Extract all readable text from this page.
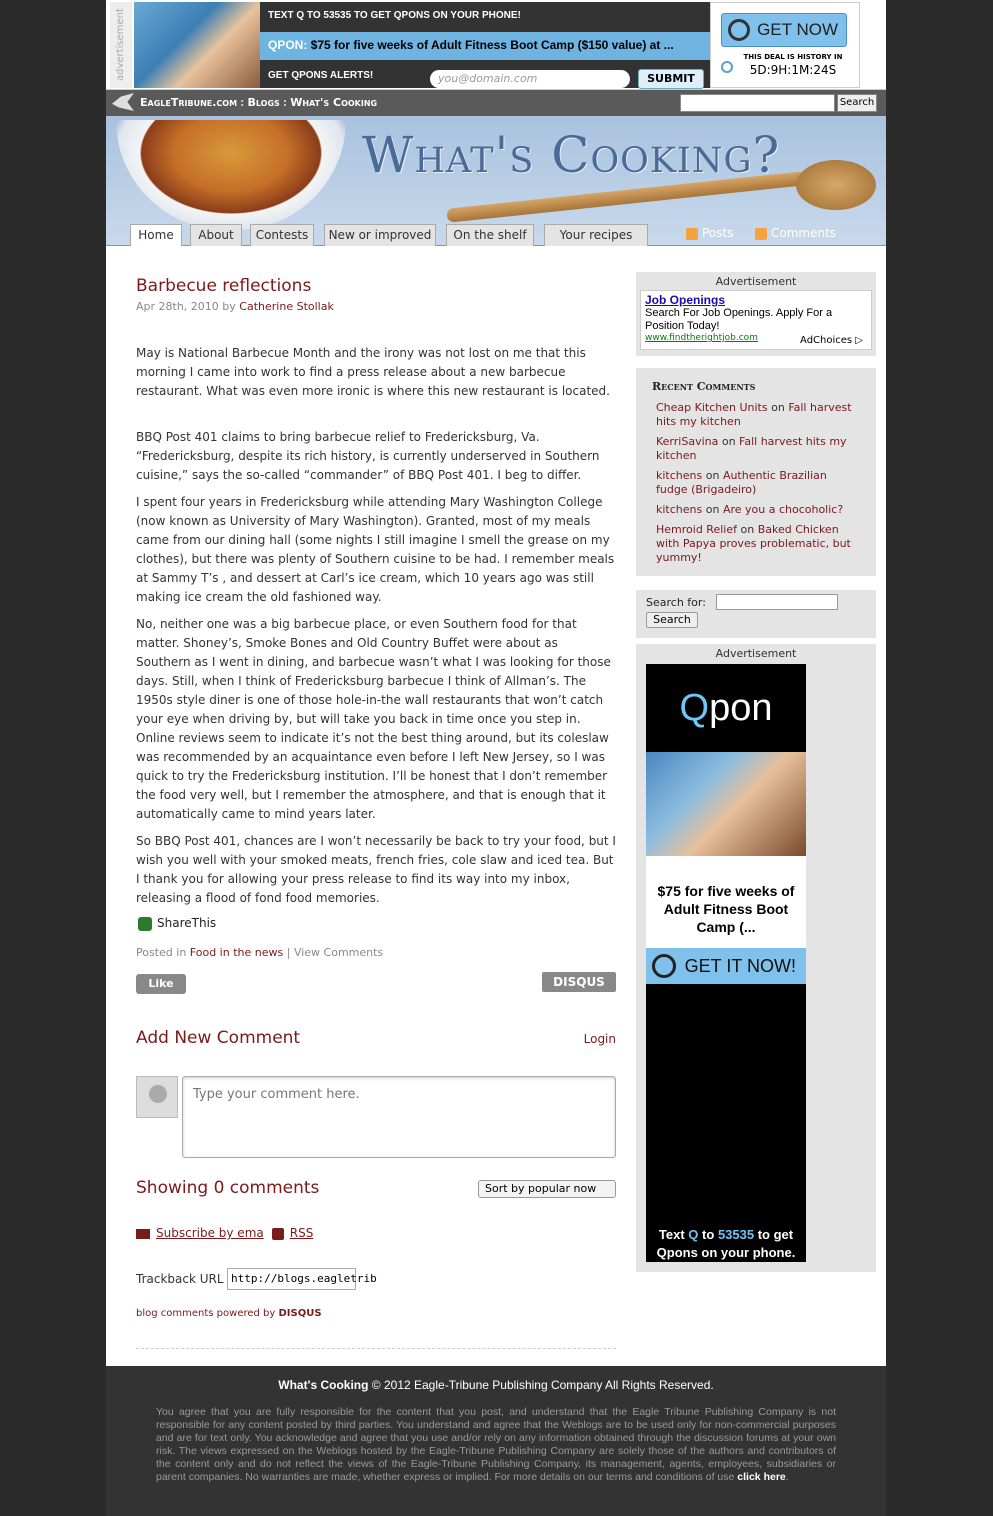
advertisement	TEXT Q TO 53535 TO GET QPONS ON YOUR PHONE!
QPON: $75 for five weeks of Adult Fitness Boot Camp ($150 value) at ...
GET QPONS ALERTS!	you@domain.com	SUBMIT
GET NOW
THIS DEAL IS HISTORY IN
5D:9H:1M:24S
EagleTribune.com : Blogs : What's Cooking	Search
What's Cooking?
Home	About	Contests	New or improved	On the shelf	Your recipes	Posts	Comments
Barbecue reflections
Apr 28th, 2010 by Catherine Stollak
May is National Barbecue Month and the irony was not lost on me that this morning I came into work to find a press release about a new barbecue restaurant. What was even more ironic is where this new restaurant is located.
BBQ Post 401 claims to bring barbecue relief to Fredericksburg, Va. “Fredericksburg, despite its rich history, is currently underserved in Southern cuisine,” says the so-called “commander” of BBQ Post 401. I beg to differ.
I spent four years in Fredericksburg while attending Mary Washington College (now known as University of Mary Washington). Granted, most of my meals came from our dining hall (some nights I still imagine I smell the grease on my clothes), but there was plenty of Southern cuisine to be had. I remember meals at Sammy T’s , and dessert at Carl’s ice cream, which 10 years ago was still making ice cream the old fashioned way.
No, neither one was a big barbecue place, or even Southern food for that matter. Shoney’s, Smoke Bones and Old Country Buffet were about as Southern as I went in dining, and barbecue wasn’t what I was looking for those days. Still, when I think of Fredericksburg barbecue I think of Allman’s. The 1950s style diner is one of those hole-in-the wall restaurants that won’t catch your eye when driving by, but will take you back in time once you step in. Online reviews seem to indicate it’s not the best thing around, but its coleslaw was recommended by an acquaintance even before I left New Jersey, so I was quick to try the Fredericksburg institution. I’ll be honest that I don’t remember the food very well, but I remember the atmosphere, and that is enough that it automatically came to mind years later.
So BBQ Post 401, chances are I won’t necessarily be back to try your food, but I wish you well with your smoked meats, french fries, cole slaw and iced tea. But I thank you for allowing your press release to find its way into my inbox, releasing a flood of fond food memories.
ShareThis
Posted in Food in the news | View Comments
Like	DISQUS
Add New Comment	Login
Type your comment here.
Showing 0 comments	Sort by popular now
Subscribe by ema RSS
Trackback URL http://blogs.eagletrib
blog comments powered by DISQUS
Advertisement
Job Openings
Search For Job Openings. Apply For a Position Today!
www.findtherightjob.com	AdChoices ▷
Recent Comments
Cheap Kitchen Units on Fall harvest hits my kitchen
KerriSavina on Fall harvest hits my kitchen
kitchens on Authentic Brazilian fudge (Brigadeiro)
kitchens on Are you a chocoholic?
Hemroid Relief on Baked Chicken with Papya proves problematic, but yummy!
Search for:
Search
Advertisement
Qpon
$75 for five weeks of Adult Fitness Boot Camp (...
GET IT NOW!
Text Q to 53535 to get Qpons on your phone.
What's Cooking © 2012 Eagle-Tribune Publishing Company All Rights Reserved.
You agree that you are fully responsible for the content that you post, and understand that the Eagle Tribune Publishing Company is not responsible for any content posted by third parties. You understand and agree that the Weblogs are to be used only for non-commercial purposes and are for text only. You acknowledge and agree that you use and/or rely on any information obtained through the discussion forums at your own risk. The views expressed on the Weblogs hosted by the Eagle-Tribune Publishing Company are solely those of the authors and contributors of the content only and do not reflect the views of the Eagle-Tribune Publishing Company, its management, agents, employees, subsidiaries or parent companies. No warranties are made, whether express or implied. For more details on our terms and conditions of use click here.
